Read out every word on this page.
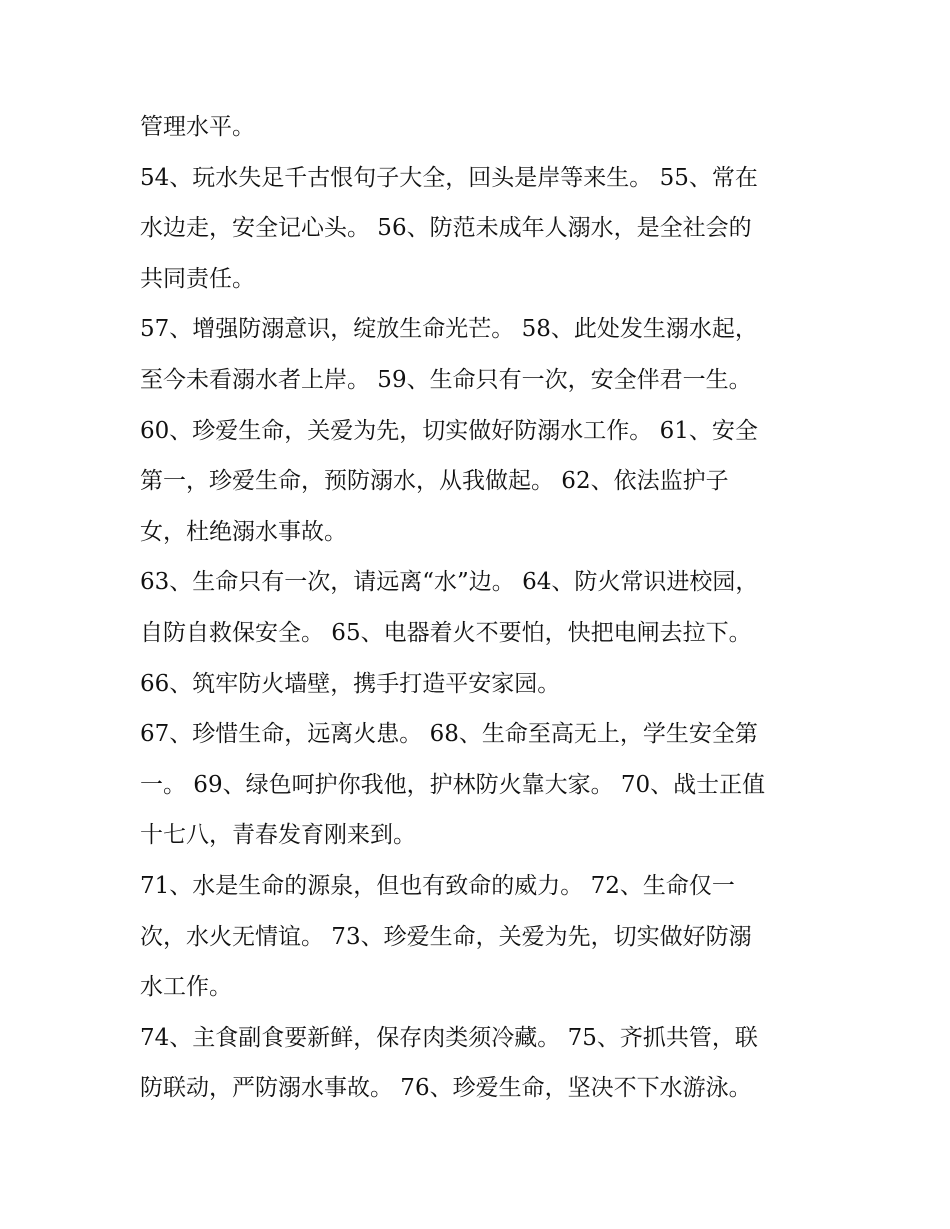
管理水平。
54、玩水失足千古恨句子大全，回头是岸等来生。 55、常在
水边走，安全记心头。 56、防范未成年人溺水，是全社会的
共同责任。
57、增强防溺意识，绽放生命光芒。 58、此处发生溺水起，
至今未看溺水者上岸。 59、生命只有一次，安全伴君一生。
60、珍爱生命，关爱为先，切实做好防溺水工作。 61、安全
第一，珍爱生命，预防溺水，从我做起。 62、依法监护子
女，杜绝溺水事故。
63、生命只有一次，请远离“水”边。 64、防火常识进校园，
自防自救保安全。 65、电器着火不要怕，快把电闸去拉下。
66、筑牢防火墙壁，携手打造平安家园。
67、珍惜生命，远离火患。 68、生命至高无上，学生安全第
一。 69、绿色呵护你我他，护林防火靠大家。 70、战士正值
十七八，青春发育刚来到。
71、水是生命的源泉，但也有致命的威力。 72、生命仅一
次，水火无情谊。 73、珍爱生命，关爱为先，切实做好防溺
水工作。
74、主食副食要新鲜，保存肉类须冷藏。 75、齐抓共管，联
防联动，严防溺水事故。 76、珍爱生命，坚决不下水游泳。
